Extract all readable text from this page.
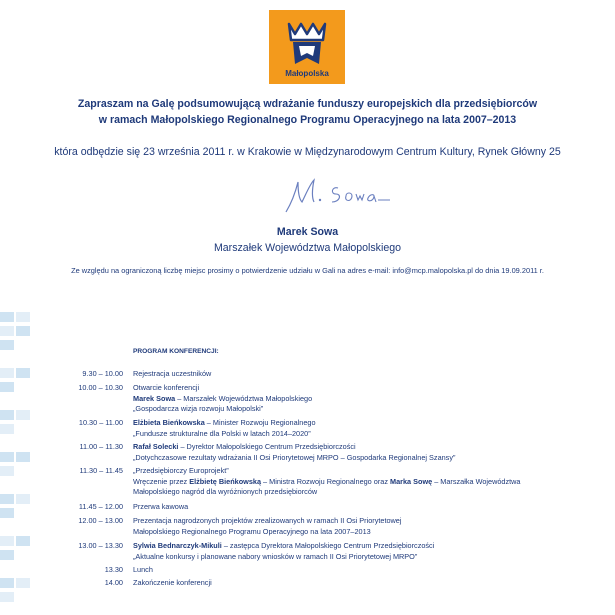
Małopolska
Zapraszam na Galę podsumowującą wdrażanie funduszy europejskich dla przedsiębiorców
w ramach Małopolskiego Regionalnego Programu Operacyjnego na lata 2007–2013
która odbędzie się 23 września 2011 r. w Krakowie w Międzynarodowym Centrum Kultury, Rynek Główny 25
Marek Sowa
Marszałek Województwa Małopolskiego
Ze względu na ograniczoną liczbę miejsc prosimy o potwierdzenie udziału w Gali na adres e-mail: info@mcp.malopolska.pl do dnia 19.09.2011 r.
PROGRAM KONFERENCJI:
9.30 – 10.00 Rejestracja uczestników
10.00 – 10.30 Otwarcie konferencji
Marek Sowa – Marszałek Województwa Małopolskiego
„Gospodarcza wizja rozwoju Małopolski”
10.30 – 11.00 Elżbieta Bieńkowska – Minister Rozwoju Regionalnego
„Fundusze strukturalne dla Polski w latach 2014–2020”
11.00 – 11.30 Rafał Solecki – Dyrektor Małopolskiego Centrum Przedsiębiorczości
„Dotychczasowe rezultaty wdrażania II Osi Priorytetowej MRPO – Gospodarka Regionalnej Szansy”
11.30 – 11.45 „Przedsiębiorczy Europrojekt”
Wręczenie przez Elżbietę Bieńkowską – Ministra Rozwoju Regionalnego oraz Marka Sowę – Marszałka Województwa
Małopolskiego nagród dla wyróżnionych przedsiębiorców
11.45 – 12.00 Przerwa kawowa
12.00 – 13.00 Prezentacja nagrodzonych projektów zrealizowanych w ramach II Osi Priorytetowej
Małopolskiego Regionalnego Programu Operacyjnego na lata 2007–2013
13.00 – 13.30 Sylwia Bednarczyk-Mikuli – zastępca Dyrektora Małopolskiego Centrum Przedsiębiorczości
„Aktualne konkursy i planowane nabory wniosków w ramach II Osi Priorytetowej MRPO”
13.30 Lunch
14.00 Zakończenie konferencji
